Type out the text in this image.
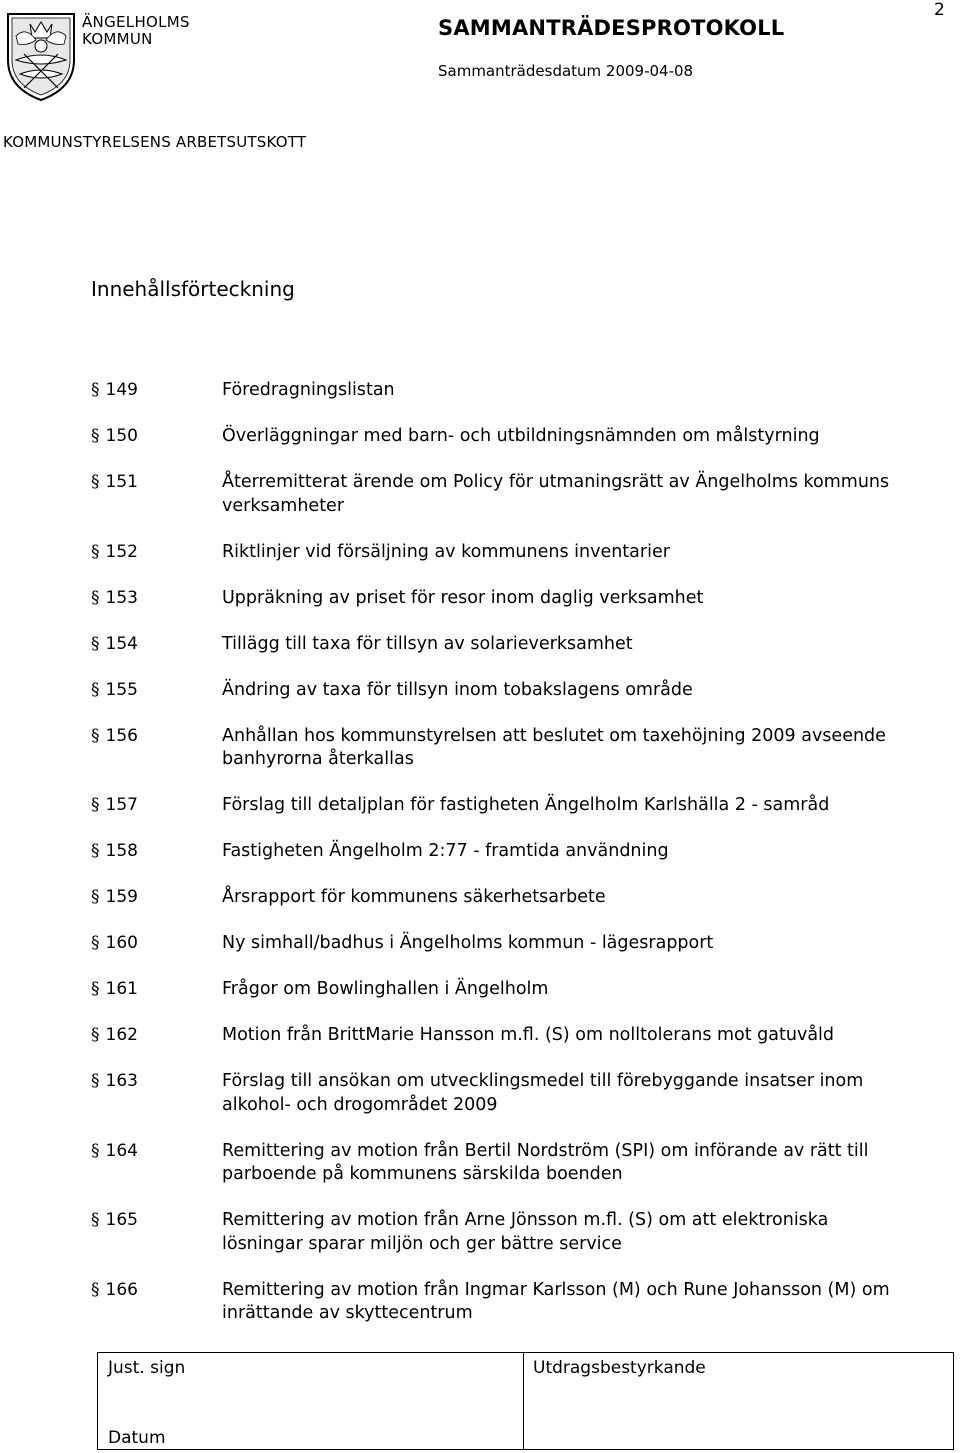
ÄNGELHOLMS
KOMMUN	SAMMANTRÄDESPROTOKOLL
2
Sammanträdesdatum 2009-04-08
KOMMUNSTYRELSENS ARBETSUTSKOTT
Innehållsförteckning
§ 149	Föredragningslistan
§ 150	Överläggningar med barn- och utbildningsnämnden om målstyrning
§ 151	Återremitterat ärende om Policy för utmaningsrätt av Ängelholms kommuns
verksamheter
§ 152	Riktlinjer vid försäljning av kommunens inventarier
§ 153	Uppräkning av priset för resor inom daglig verksamhet
§ 154	Tillägg till taxa för tillsyn av solarieverksamhet
§ 155	Ändring av taxa för tillsyn inom tobakslagens område
§ 156	Anhållan hos kommunstyrelsen att beslutet om taxehöjning 2009 avseende
banhyrorna återkallas
§ 157	Förslag till detaljplan för fastigheten Ängelholm Karlshälla 2 - samråd
§ 158	Fastigheten Ängelholm 2:77 - framtida användning
§ 159	Årsrapport för kommunens säkerhetsarbete
§ 160	Ny simhall/badhus i Ängelholms kommun - lägesrapport
§ 161	Frågor om Bowlinghallen i Ängelholm
§ 162	Motion från BrittMarie Hansson m.fl. (S) om nolltolerans mot gatuvåld
§ 163	Förslag till ansökan om utvecklingsmedel till förebyggande insatser inom
alkohol- och drogområdet 2009
§ 164	Remittering av motion från Bertil Nordström (SPI) om införande av rätt till
parboende på kommunens särskilda boenden
§ 165	Remittering av motion från Arne Jönsson m.fl. (S) om att elektroniska
lösningar sparar miljön och ger bättre service
§ 166	Remittering av motion från Ingmar Karlsson (M) och Rune Johansson (M) om
inrättande av skyttecentrum
Just. sign
Datum

Utdragsbestyrkande
